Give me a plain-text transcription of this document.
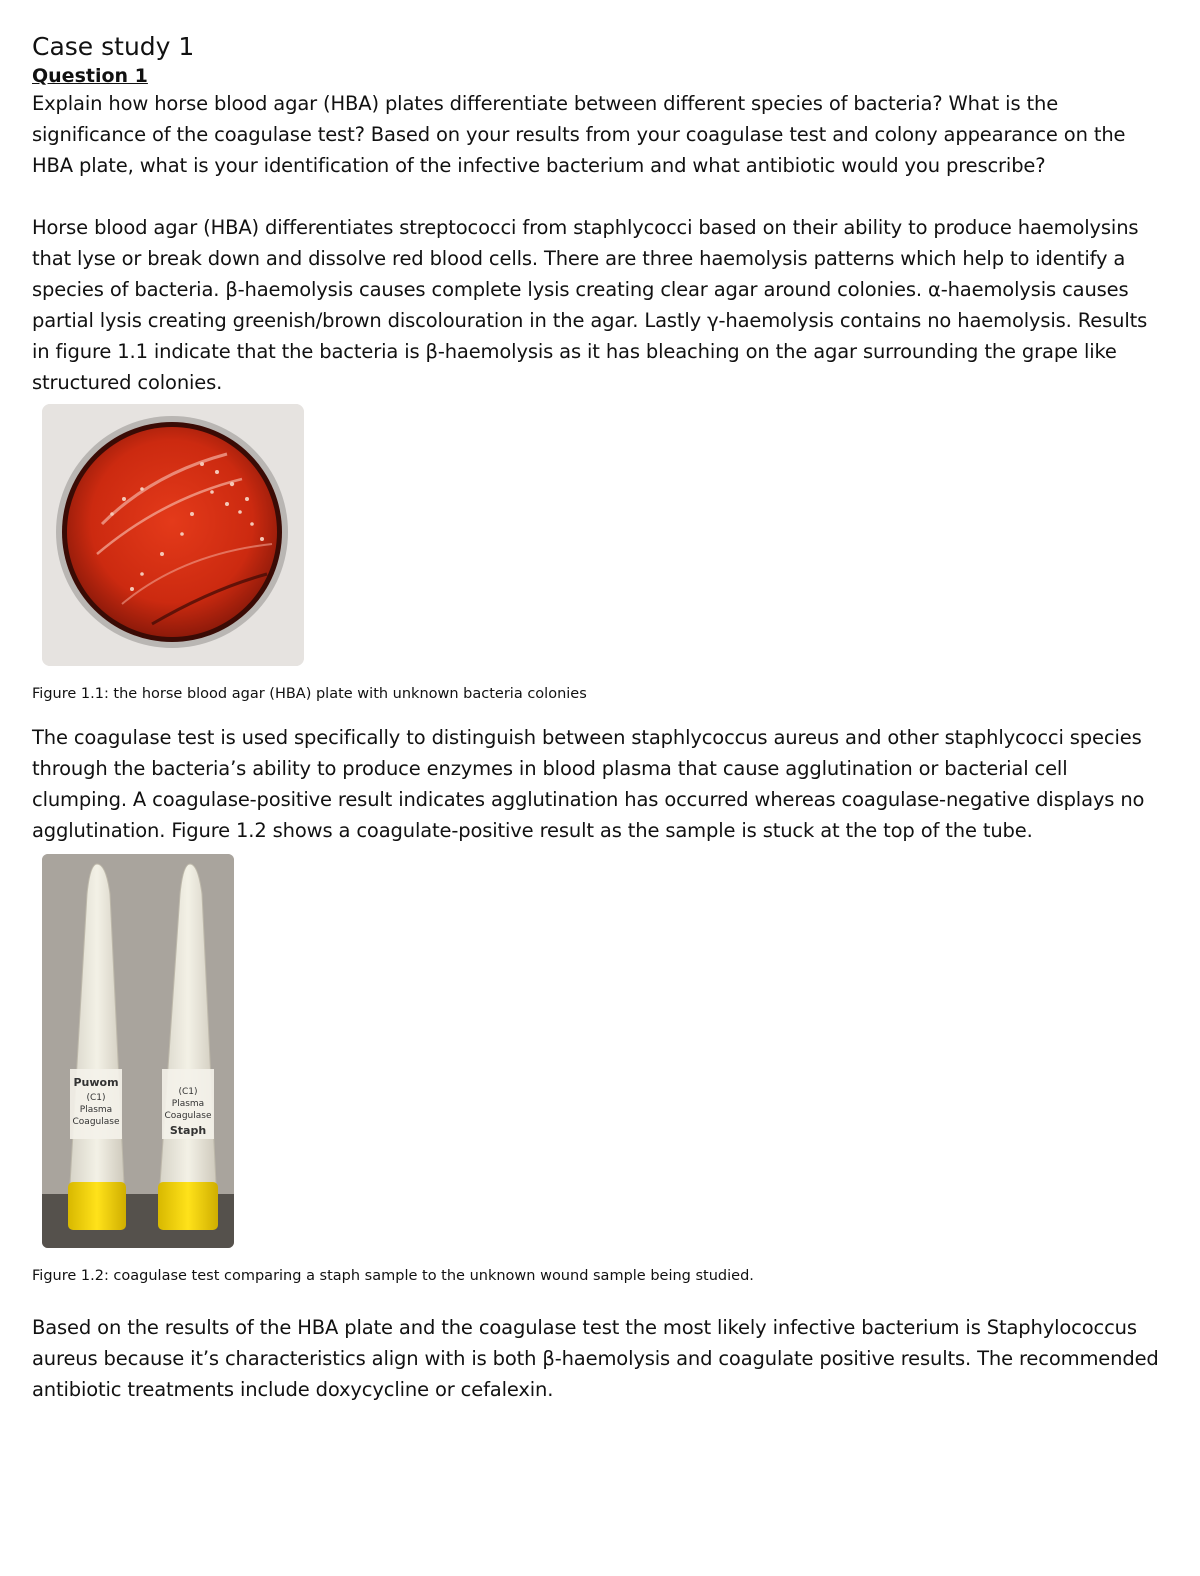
Case study 1
Question 1

Explain how horse blood agar (HBA) plates differentiate between different species of bacteria? What is the significance of the coagulase test? Based on your results from your coagulase test and colony appearance on the HBA plate, what is your identification of the infective bacterium and what antibiotic would you prescribe?

Horse blood agar (HBA) differentiates streptococci from staphlycocci based on their ability to produce haemolysins that lyse or break down and dissolve red blood cells. There are three haemolysis patterns which help to identify a species of bacteria. β-haemolysis causes complete lysis creating clear agar around colonies. α-haemolysis causes partial lysis creating greenish/brown discolouration in the agar. Lastly γ-haemolysis contains no haemolysis. Results in figure 1.1 indicate that the bacteria is β-haemolysis as it has bleaching on the agar surrounding the grape like structured colonies.

Figure 1.1: the horse blood agar (HBA) plate with unknown bacteria colonies

The coagulase test is used specifically to distinguish between staphlycoccus aureus and other staphlycocci species through the bacteria’s ability to produce enzymes in blood plasma that cause agglutination or bacterial cell clumping. A coagulase-positive result indicates agglutination has occurred whereas coagulase-negative displays no agglutination. Figure 1.2 shows a coagulate-positive result as the sample is stuck at the top of the tube.

Puwom
(C1)
Plasma
Coagulase
(C1)
Plasma
Coagulase
Staph
Figure 1.2: coagulase test comparing a staph sample to the unknown wound sample being studied.

Based on the results of the HBA plate and the coagulase test the most likely infective bacterium is Staphylococcus aureus because it’s characteristics align with is both β-haemolysis and coagulate positive results. The recommended antibiotic treatments include doxycycline or cefalexin.
